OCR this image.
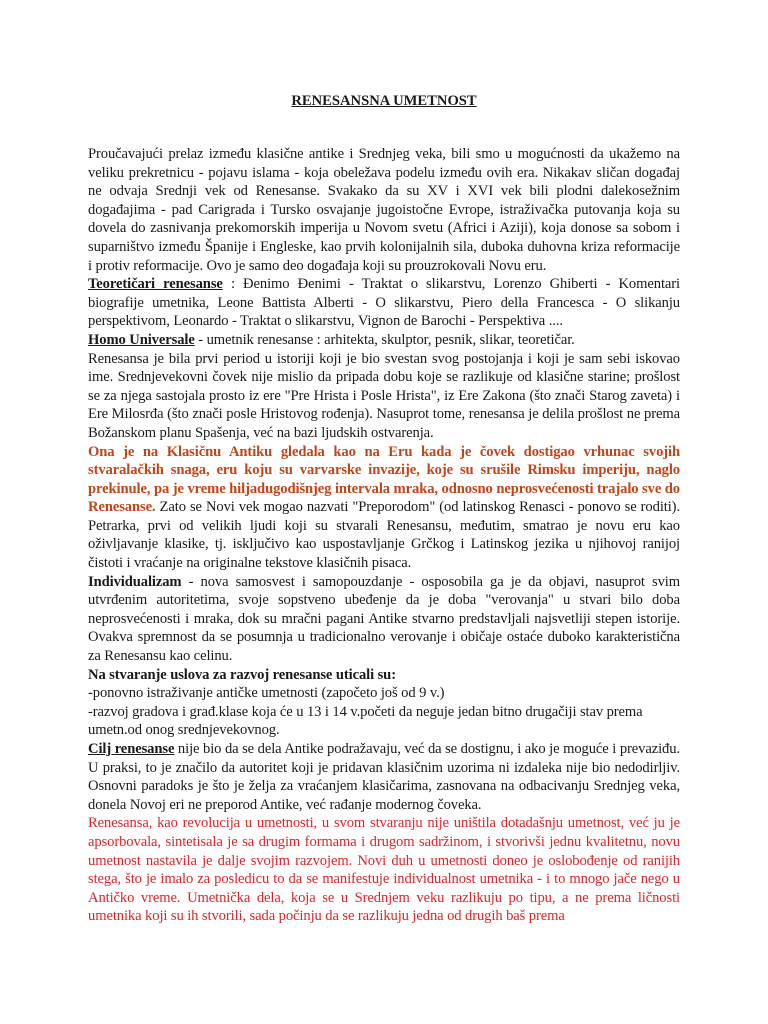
RENESANSNA UMETNOST

Proučavajući prelaz između klasične antike i Srednjeg veka, bili smo u mogućnosti da ukažemo na veliku prekretnicu - pojavu islama - koja obeležava podelu između ovih era. Nikakav sličan događaj ne odvaja Srednji vek od Renesanse. Svakako da su XV i XVI vek bili plodni dalekosežnim događajima - pad Carigrada i Tursko osvajanje jugoistočne Evrope, istraživačka putovanja koja su dovela do zasnivanja prekomorskih imperija u Novom svetu (Africi i Aziji), koja donose sa sobom i suparništvo između Španije i Engleske, kao prvih kolonijalnih sila, duboka duhovna kriza reformacije i protiv reformacije. Ovo je samo deo događaja koji su prouzrokovali Novu eru.

Teoretičari renesanse : Đenimo Đenimi - Traktat o slikarstvu, Lorenzo Ghiberti - Komentari biografije umetnika, Leone Battista Alberti - O slikarstvu, Piero della Francesca - O slikanju perspektivom, Leonardo - Traktat o slikarstvu, Vignon de Barochi - Perspektiva ....

Homo Universale - umetnik renesanse : arhitekta, skulptor, pesnik, slikar, teoretičar.

Renesansa je bila prvi period u istoriji koji je bio svestan svog postojanja i koji je sam sebi iskovao ime. Srednjevekovni čovek nije mislio da pripada dobu koje se razlikuje od klasične starine; prošlost se za njega sastojala prosto iz ere "Pre Hrista i Posle Hrista", iz Ere Zakona (što znači Starog zaveta) i Ere Milosrđa (što znači posle Hristovog rođenja). Nasuprot tome, renesansa je delila prošlost ne prema Božanskom planu Spašenja, već na bazi ljudskih ostvarenja.

Ona je na Klasičnu Antiku gledala kao na Eru kada je čovek dostigao vrhunac svojih stvaralačkih snaga, eru koju su varvarske invazije, koje su srušile Rimsku imperiju, naglo prekinule, pa je vreme hiljadugodišnjeg intervala mraka, odnosno neprosvećenosti trajalo sve do Renesanse. Zato se Novi vek mogao nazvati "Preporodom" (od latinskog Renasci - ponovo se roditi). Petrarka, prvi od velikih ljudi koji su stvarali Renesansu, međutim, smatrao je novu eru kao oživljavanje klasike, tj. isključivo kao uspostavljanje Grčkog i Latinskog jezika u njihovoj ranijoj čistoti i vraćanje na originalne tekstove klasičnih pisaca.

Individualizam - nova samosvest i samopouzdanje - osposobila ga je da objavi, nasuprot svim utvrđenim autoritetima, svoje sopstveno ubeđenje da je doba "verovanja" u stvari bilo doba neprosvećenosti i mraka, dok su mračni pagani Antike stvarno predstavljali najsvetliji stepen istorije. Ovakva spremnost da se posumnja u tradicionalno verovanje i običaje ostaće duboko karakteristična za Renesansu kao celinu.

Na stvaranje uslova za razvoj renesanse uticali su:

-ponovno istraživanje antičke umetnosti (započeto još od 9 v.)

-razvoj gradova i građ.klase koja će u 13 i 14 v.početi da neguje jedan bitno drugačiji stav prema umetn.od onog srednjevekovnog.

Cilj renesanse nije bio da se dela Antike podražavaju, već da se dostignu, i ako je moguće i prevaziđu. U praksi, to je značilo da autoritet koji je pridavan klasičnim uzorima ni izdaleka nije bio nedodirljiv. Osnovni paradoks je što je želja za vraćanjem klasičarima, zasnovana na odbacivanju Srednjeg veka, donela Novoj eri ne preporod Antike, već rađanje modernog čoveka.

Renesansa, kao revolucija u umetnosti, u svom stvaranju nije uništila dotadašnju umetnost, već ju je apsorbovala, sintetisala je sa drugim formama i drugom sadržinom, i stvorivši jednu kvalitetnu, novu umetnost nastavila je dalje svojim razvojem. Novi duh u umetnosti doneo je oslobođenje od ranijih stega, što je imalo za posledicu to da se manifestuje individualnost umetnika - i to mnogo jače nego u Antičko vreme. Umetnička dela, koja se u Srednjem veku razlikuju po tipu, a ne prema ličnosti umetnika koji su ih stvorili, sada počinju da se razlikuju jedna od drugih baš prema
